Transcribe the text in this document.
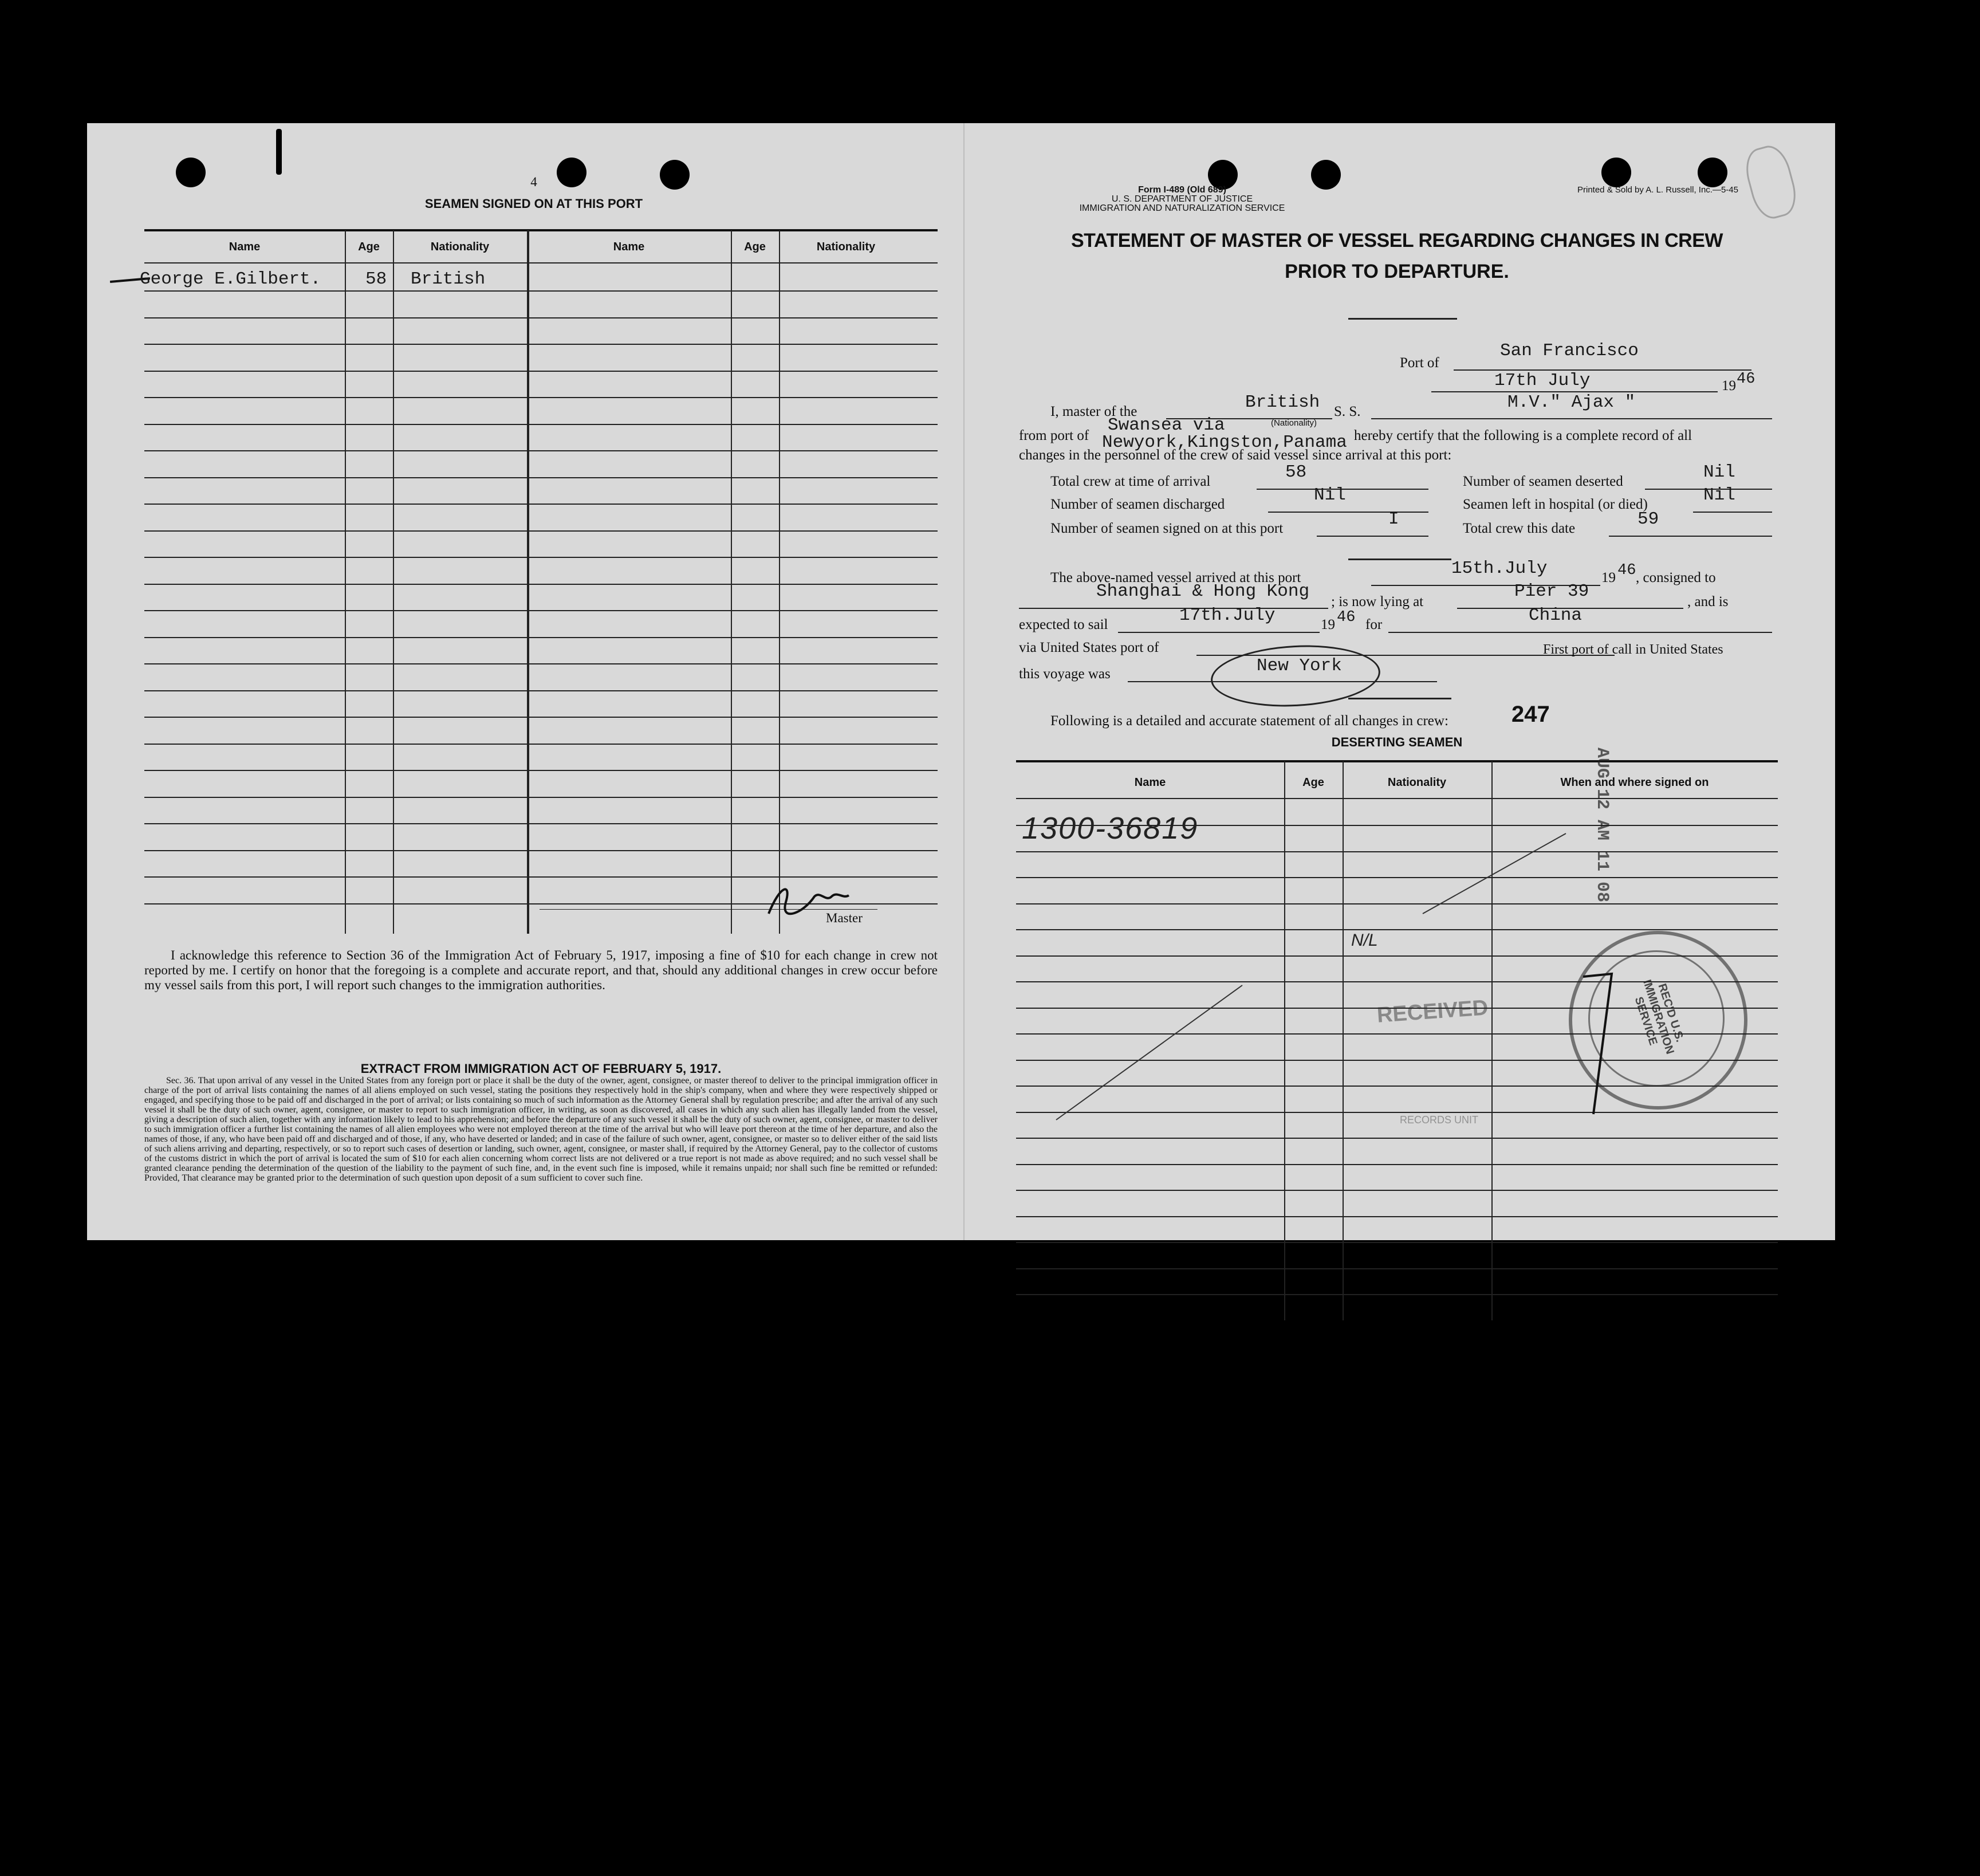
4
SEAMEN SIGNED ON AT THIS PORT
Name	Age	Nationality	Name	Age	Nationality
George E.Gilbert.	58 British
I acknowledge this reference to Section 36 of the Immigration Act of February 5, 1917, imposing a fine of $10 for each change in crew not reported by me. I certify on honor that the foregoing is a complete and accurate report, and that, should any additional changes in crew occur before my vessel sails from this port, I will report such changes to the immigration authorities.
Master
EXTRACT FROM IMMIGRATION ACT OF FEBRUARY 5, 1917.
Sec. 36. That upon arrival of any vessel in the United States from any foreign port or place it shall be the duty of the owner, agent, consignee, or master thereof to deliver to the principal immigration officer in charge of the port of arrival lists containing the names of all aliens employed on such vessel, stating the positions they respectively hold in the ship's company, when and where they were respectively shipped or engaged, and specifying those to be paid off and discharged in the port of arrival; or lists containing so much of such information as the Attorney General shall by regulation prescribe; and after the arrival of any such vessel it shall be the duty of such owner, agent, consignee, or master to report to such immigration officer, in writing, as soon as discovered, all cases in which any such alien has illegally landed from the vessel, giving a description of such alien, together with any information likely to lead to his apprehension; and before the departure of any such vessel it shall be the duty of such owner, agent, consignee, or master to deliver to such immigration officer a further list containing the names of all alien employees who were not employed thereon at the time of the arrival but who will leave port thereon at the time of her departure, and also the names of those, if any, who have been paid off and discharged and of those, if any, who have deserted or landed; and in case of the failure of such owner, agent, consignee, or master so to deliver either of the said lists of such aliens arriving and departing, respectively, or so to report such cases of desertion or landing, such owner, agent, consignee, or master shall, if required by the Attorney General, pay to the collector of customs of the customs district in which the port of arrival is located the sum of $10 for each alien concerning whom correct lists are not delivered or a true report is not made as above required; and no such vessel shall be granted clearance pending the determination of the question of the liability to the payment of such fine, and, in the event such fine is imposed, while it remains unpaid; nor shall such fine be remitted or refunded: Provided, That clearance may be granted prior to the determination of such question upon deposit of a sum sufficient to cover such fine.
Form I-489 (Old 689)
U. S. DEPARTMENT OF JUSTICE
IMMIGRATION AND NATURALIZATION SERVICE
Printed & Sold by A. L. Russell, Inc.—5-45
STATEMENT OF MASTER OF VESSEL REGARDING CHANGES IN CREW
PRIOR TO DEPARTURE.
Port of
San Francisco
17th July	19 46
I, master of the	British
(Nationality)
S. S.	M.V." Ajax "
from port of
Swansea via
Newyork,Kingston,Panama hereby certify that the following is a complete record of all
changes in the personnel of the crew of said vessel since arrival at this port:
Total crew at time of arrival	58	Number of seamen deserted	Nil
Number of seamen discharged	Nil	Seamen left in hospital (or died)	Nil
Number of seamen signed on at this port	I	Total crew this date	59
The above-named vessel arrived at this port	15th.July	19 46 , consigned to
Shanghai & Hong Kong
; is now lying at
Pier 39
, and is
expected to sail	17th.July	19 46 for	China
via United States port of
New York
First port of call in United States
this voyage was
Following is a detailed and accurate statement of all changes in crew:	247
DESERTING SEAMEN
Name	Age	Nationality	When and where signed on
1300-36819
N/L
RECEIVED
RECORDS UNIT
AUG 12 AM 11 08
REC'D U.S. IMMIGRATION SERVICE
